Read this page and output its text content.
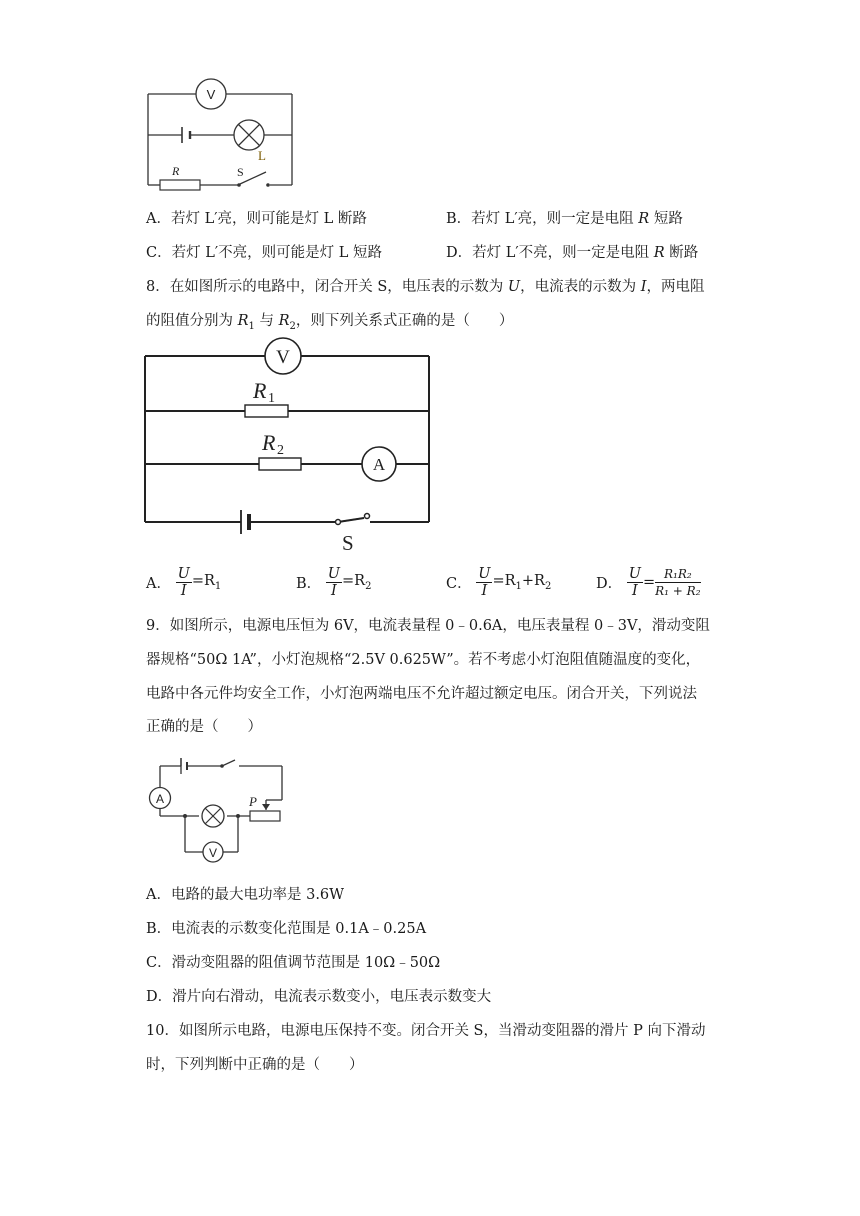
V
L
R	S
A．若灯 L′亮，则可能是灯 L 断路	B．若灯 L′亮，则一定是电阻 R 短路
C．若灯 L′不亮，则可能是灯 L 短路	D．若灯 L′不亮，则一定是电阻 R 断路
8．在如图所示的电路中，闭合开关 S，电压表的示数为 U，电流表的示数为 I，两电阻
的阻值分别为 $R_1$ 与 $R_2$，则下列关系式正确的是（　　）
V
R 1
R 2
A
S
A． $\frac{U}{I} =R_1$	B． $\frac{U}{I} =R_2$	C． $\frac{U}{I} =R_1+R_2$	D． $\frac{U}{I} = \frac{\text{R₁R₂}}{\text{R₁ + R₂}}$
9．如图所示，电源电压恒为 6V，电流表量程 0﹣0.6A，电压表量程 0﹣3V，滑动变阻
器规格“50Ω 1A”，小灯泡规格“2.5V 0.625W”。若不考虑小灯泡阻值随温度的变化，
电路中各元件均安全工作，小灯泡两端电压不允许超过额定电压。闭合开关，下列说法
正确的是（　　）
A
V
P
A．电路的最大电功率是 3.6W
B．电流表的示数变化范围是 0.1A﹣0.25A
C．滑动变阻器的阻值调节范围是 10Ω﹣50Ω
D．滑片向右滑动，电流表示数变小，电压表示数变大
10．如图所示电路，电源电压保持不变。闭合开关 S，当滑动变阻器的滑片 P 向下滑动
时，下列判断中正确的是（　　）
